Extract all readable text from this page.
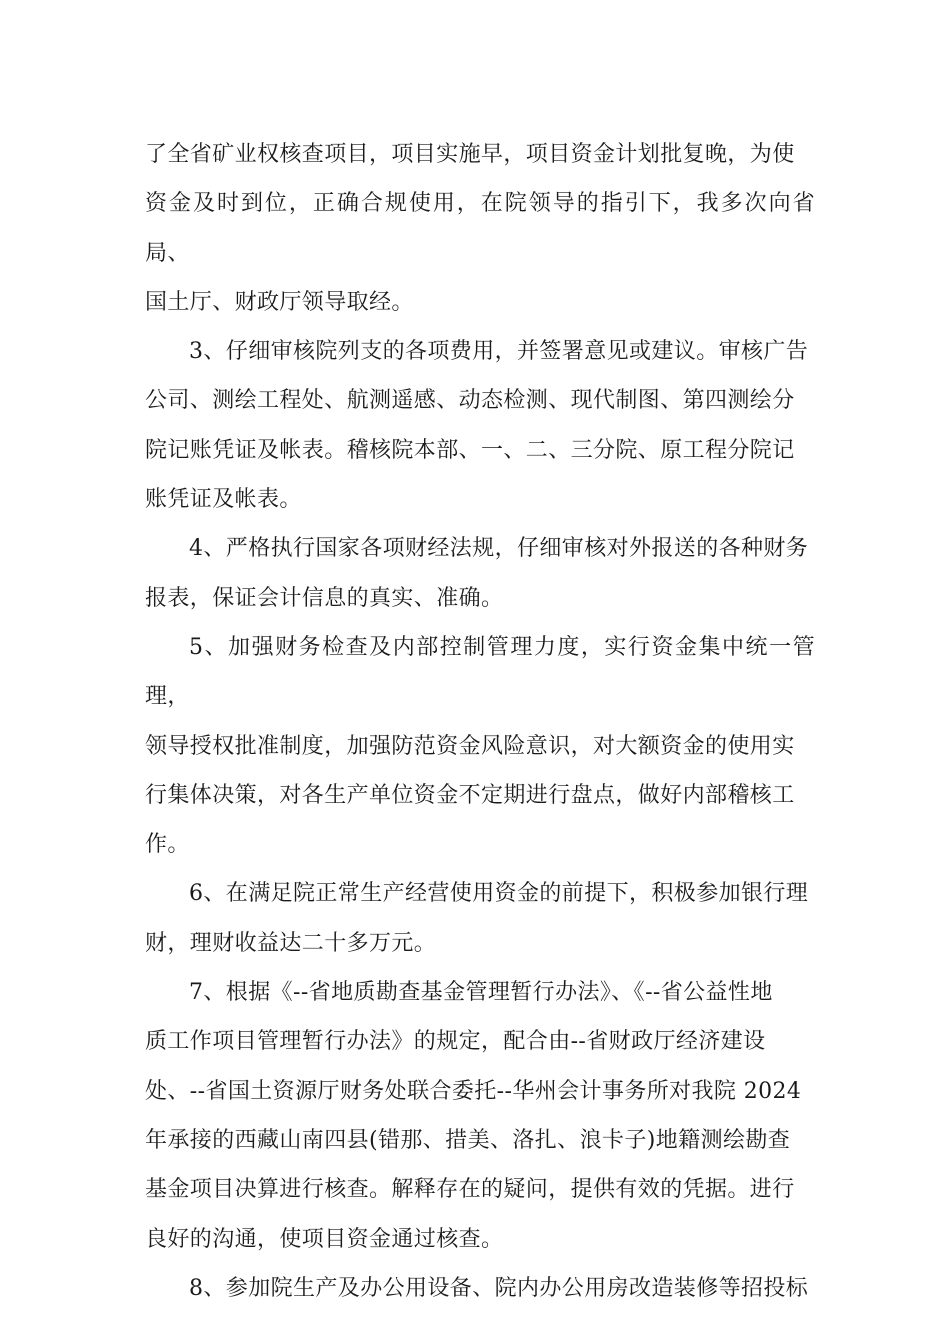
了全省矿业权核查项目，项目实施早，项目资金计划批复晚，为使
资金及时到位，正确合规使用，在院领导的指引下，我多次向省局、
国土厅、财政厅领导取经。

3、仔细审核院列支的各项费用，并签署意见或建议。审核广告
公司、测绘工程处、航测遥感、动态检测、现代制图、第四测绘分
院记账凭证及帐表。稽核院本部、一、二、三分院、原工程分院记
账凭证及帐表。

4、严格执行国家各项财经法规，仔细审核对外报送的各种财务
报表，保证会计信息的真实、准确。

5、加强财务检查及内部控制管理力度，实行资金集中统一管理，
领导授权批准制度，加强防范资金风险意识，对大额资金的使用实
行集体决策，对各生产单位资金不定期进行盘点，做好内部稽核工
作。

6、在满足院正常生产经营使用资金的前提下，积极参加银行理
财，理财收益达二十多万元。

7、根据《--省地质勘查基金管理暂行办法》、《--省公益性地
质工作项目管理暂行办法》的规定，配合由--省财政厅经济建设
处、--省国土资源厅财务处联合委托--华州会计事务所对我院 2024
年承接的西藏山南四县(错那、措美、洛扎、浪卡子)地籍测绘勘查
基金项目决算进行核查。解释存在的疑问，提供有效的凭据。进行
良好的沟通，使项目资金通过核查。

8、参加院生产及办公用设备、院内办公用房改造装修等招投标
